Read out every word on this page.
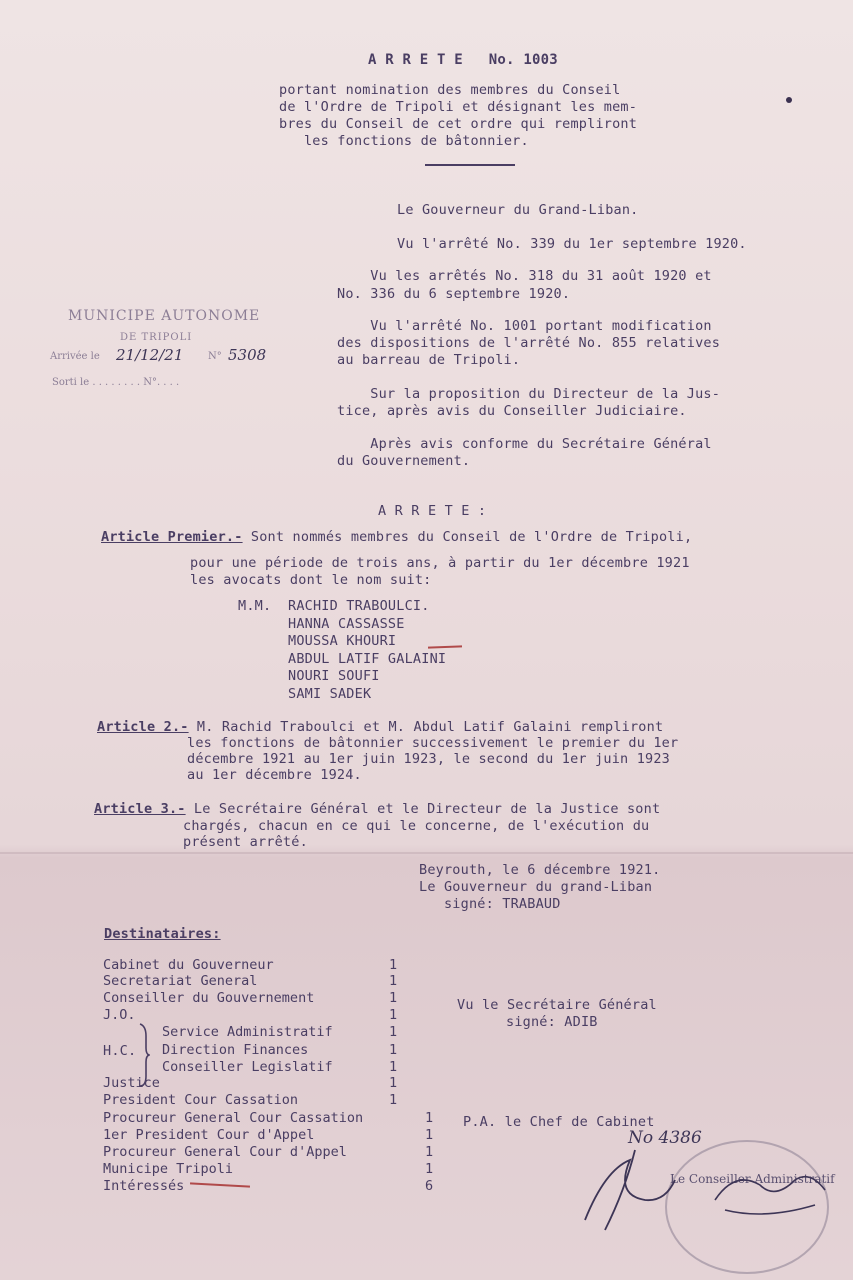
A R R E T E   No. 1003
portant nomination des membres du Conseil
de l'Ordre de Tripoli et désignant les mem-
bres du Conseil de cet ordre qui rempliront
les fonctions de bâtonnier.
Le Gouverneur du Grand-Liban.
Vu l'arrêté No. 339 du 1er septembre 1920.
Vu les arrêtés No. 318 du 31 août 1920 et
No. 336 du 6 septembre 1920.
Vu l'arrêté No. 1001 portant modification
des dispositions de l'arrêté No. 855 relatives
au barreau de Tripoli.
Sur la proposition du Directeur de la Jus-
tice, après avis du Conseiller Judiciaire.
Après avis conforme du Secrétaire Général
du Gouvernement.
MUNICIPE AUTONOME
DE TRIPOLI
Arrivée le 21/12/21 N° 5308
Sorti le . . . . . . . . N°. . . .
A R R E T E :
Article Premier.- Sont nommés membres du Conseil de l'Ordre de Tripoli,
pour une période de trois ans, à partir du 1er décembre 1921
les avocats dont le nom suit:
M.M. RACHID TRABOULCI.
HANNA CASSASSE
MOUSSA KHOURI
ABDUL LATIF GALAINI
NOURI SOUFI
SAMI SADEK
Article 2.- M. Rachid Traboulci et M. Abdul Latif Galaini rempliront
les fonctions de bâtonnier successivement le premier du 1er
décembre 1921 au 1er juin 1923, le second du 1er juin 1923
au 1er décembre 1924.
Article 3.- Le Secrétaire Général et le Directeur de la Justice sont
chargés, chacun en ce qui le concerne, de l'exécution du
présent arrêté.
Beyrouth, le 6 décembre 1921.
Le Gouverneur du grand-Liban
signé: TRABAUD
Destinataires:
Cabinet du Gouverneur	1
Secretariat General	1
Conseiller du Gouvernement	1
J.O.	1
Service Administratif	1
Direction Finances	1
Conseiller Legislatif	1
Justice	1
President Cour Cassation	1
Procureur General Cour Cassation	1
1er President Cour d'Appel	1
Procureur General Cour d'Appel	1
Municipe Tripoli	1
Intéressés	6
H.C.
Vu le Secrétaire Général
signé: ADIB
P.A. le Chef de Cabinet
No 4386
Le Conseiller Administratif
